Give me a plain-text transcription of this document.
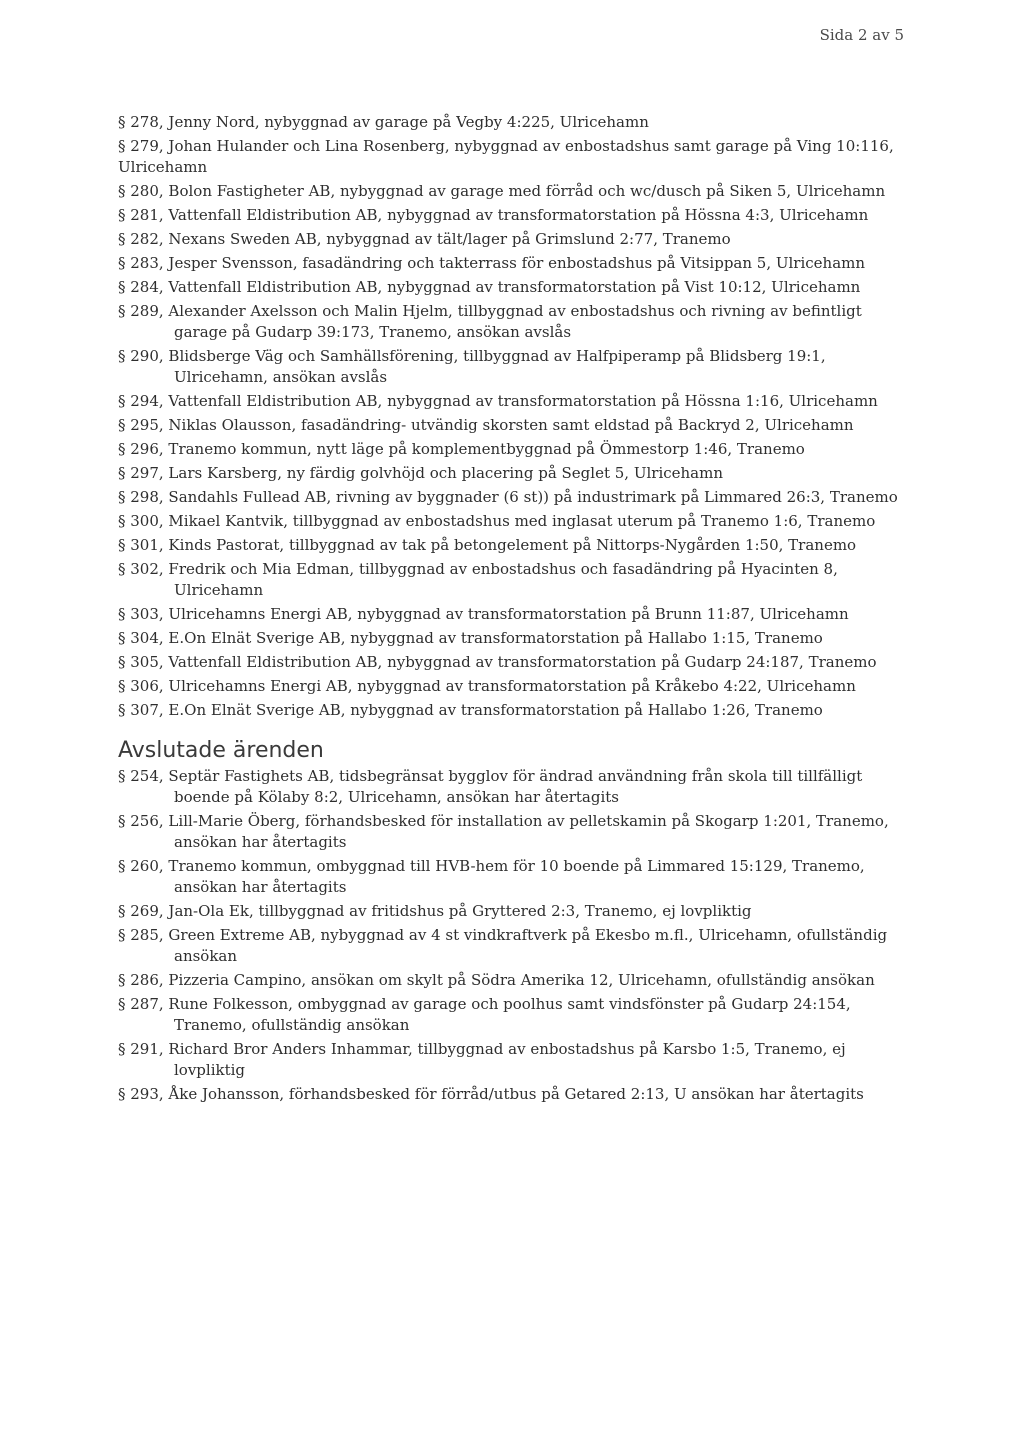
Sida 2 av 5
§ 278, Jenny Nord, nybyggnad av garage på Vegby 4:225, Ulricehamn
§ 279, Johan Hulander och Lina Rosenberg, nybyggnad av enbostadshus samt garage på Ving 10:116, Ulricehamn
§ 280, Bolon Fastigheter AB, nybyggnad av garage med förråd och wc/dusch på Siken 5, Ulricehamn
§ 281, Vattenfall Eldistribution AB, nybyggnad av transformatorstation på Hössna 4:3, Ulricehamn
§ 282, Nexans Sweden AB, nybyggnad av tält/lager på Grimslund 2:77, Tranemo
§ 283, Jesper Svensson, fasadändring och takterrass för enbostadshus på Vitsippan 5, Ulricehamn
§ 284, Vattenfall Eldistribution AB, nybyggnad av transformatorstation på Vist 10:12, Ulricehamn
§ 289, Alexander Axelsson och Malin Hjelm, tillbyggnad av enbostadshus och rivning av befintligt garage på Gudarp 39:173, Tranemo, ansökan avslås
§ 290, Blidsberge Väg och Samhällsförening, tillbyggnad av Halfpiperamp på Blidsberg 19:1, Ulricehamn, ansökan avslås
§ 294, Vattenfall Eldistribution AB, nybyggnad av transformatorstation på Hössna 1:16, Ulricehamn
§ 295, Niklas Olausson, fasadändring- utvändig skorsten samt eldstad på Backryd 2, Ulricehamn
§ 296, Tranemo kommun, nytt läge på komplementbyggnad på Ömmestorp 1:46, Tranemo
§ 297, Lars Karsberg, ny färdig golvhöjd och placering på Seglet 5, Ulricehamn
§ 298, Sandahls Fullead AB, rivning av byggnader (6 st)) på industrimark på Limmared 26:3, Tranemo
§ 300, Mikael Kantvik, tillbyggnad av enbostadshus med inglasat uterum på Tranemo 1:6, Tranemo
§ 301, Kinds Pastorat, tillbyggnad av tak på betongelement på Nittorps-Nygården 1:50, Tranemo
§ 302, Fredrik och Mia Edman, tillbyggnad av enbostadshus och fasadändring på Hyacinten 8, Ulricehamn
§ 303, Ulricehamns Energi AB, nybyggnad av transformatorstation på Brunn 11:87, Ulricehamn
§ 304, E.On Elnät Sverige AB, nybyggnad av transformatorstation på Hallabo 1:15, Tranemo
§ 305, Vattenfall Eldistribution AB, nybyggnad av transformatorstation på Gudarp 24:187, Tranemo
§ 306, Ulricehamns Energi AB, nybyggnad av transformatorstation på Kråkebo 4:22, Ulricehamn
§ 307, E.On Elnät Sverige AB, nybyggnad av transformatorstation på Hallabo 1:26, Tranemo
Avslutade ärenden
§ 254, Septär Fastighets AB, tidsbegränsat bygglov för ändrad användning från skola till tillfälligt boende på Kölaby 8:2, Ulricehamn, ansökan har återtagits
§ 256, Lill-Marie Öberg, förhandsbesked för installation av pelletskamin på Skogarp 1:201, Tranemo, ansökan har återtagits
§ 260, Tranemo kommun, ombyggnad till HVB-hem för 10 boende på Limmared 15:129, Tranemo, ansökan har återtagits
§ 269, Jan-Ola Ek, tillbyggnad av fritidshus på Gryttered 2:3, Tranemo, ej lovpliktig
§ 285, Green Extreme AB, nybyggnad av 4 st vindkraftverk på Ekesbo m.fl., Ulricehamn, ofullständig ansökan
§ 286, Pizzeria Campino, ansökan om skylt på Södra Amerika 12, Ulricehamn, ofullständig ansökan
§ 287, Rune Folkesson, ombyggnad av garage och poolhus samt vindsfönster på Gudarp 24:154, Tranemo, ofullständig ansökan
§ 291, Richard Bror Anders Inhammar, tillbyggnad av enbostadshus på Karsbo 1:5, Tranemo, ej lovpliktig
§ 293, Åke Johansson, förhandsbesked för förråd/utbus på Getared 2:13, U ansökan har återtagits
